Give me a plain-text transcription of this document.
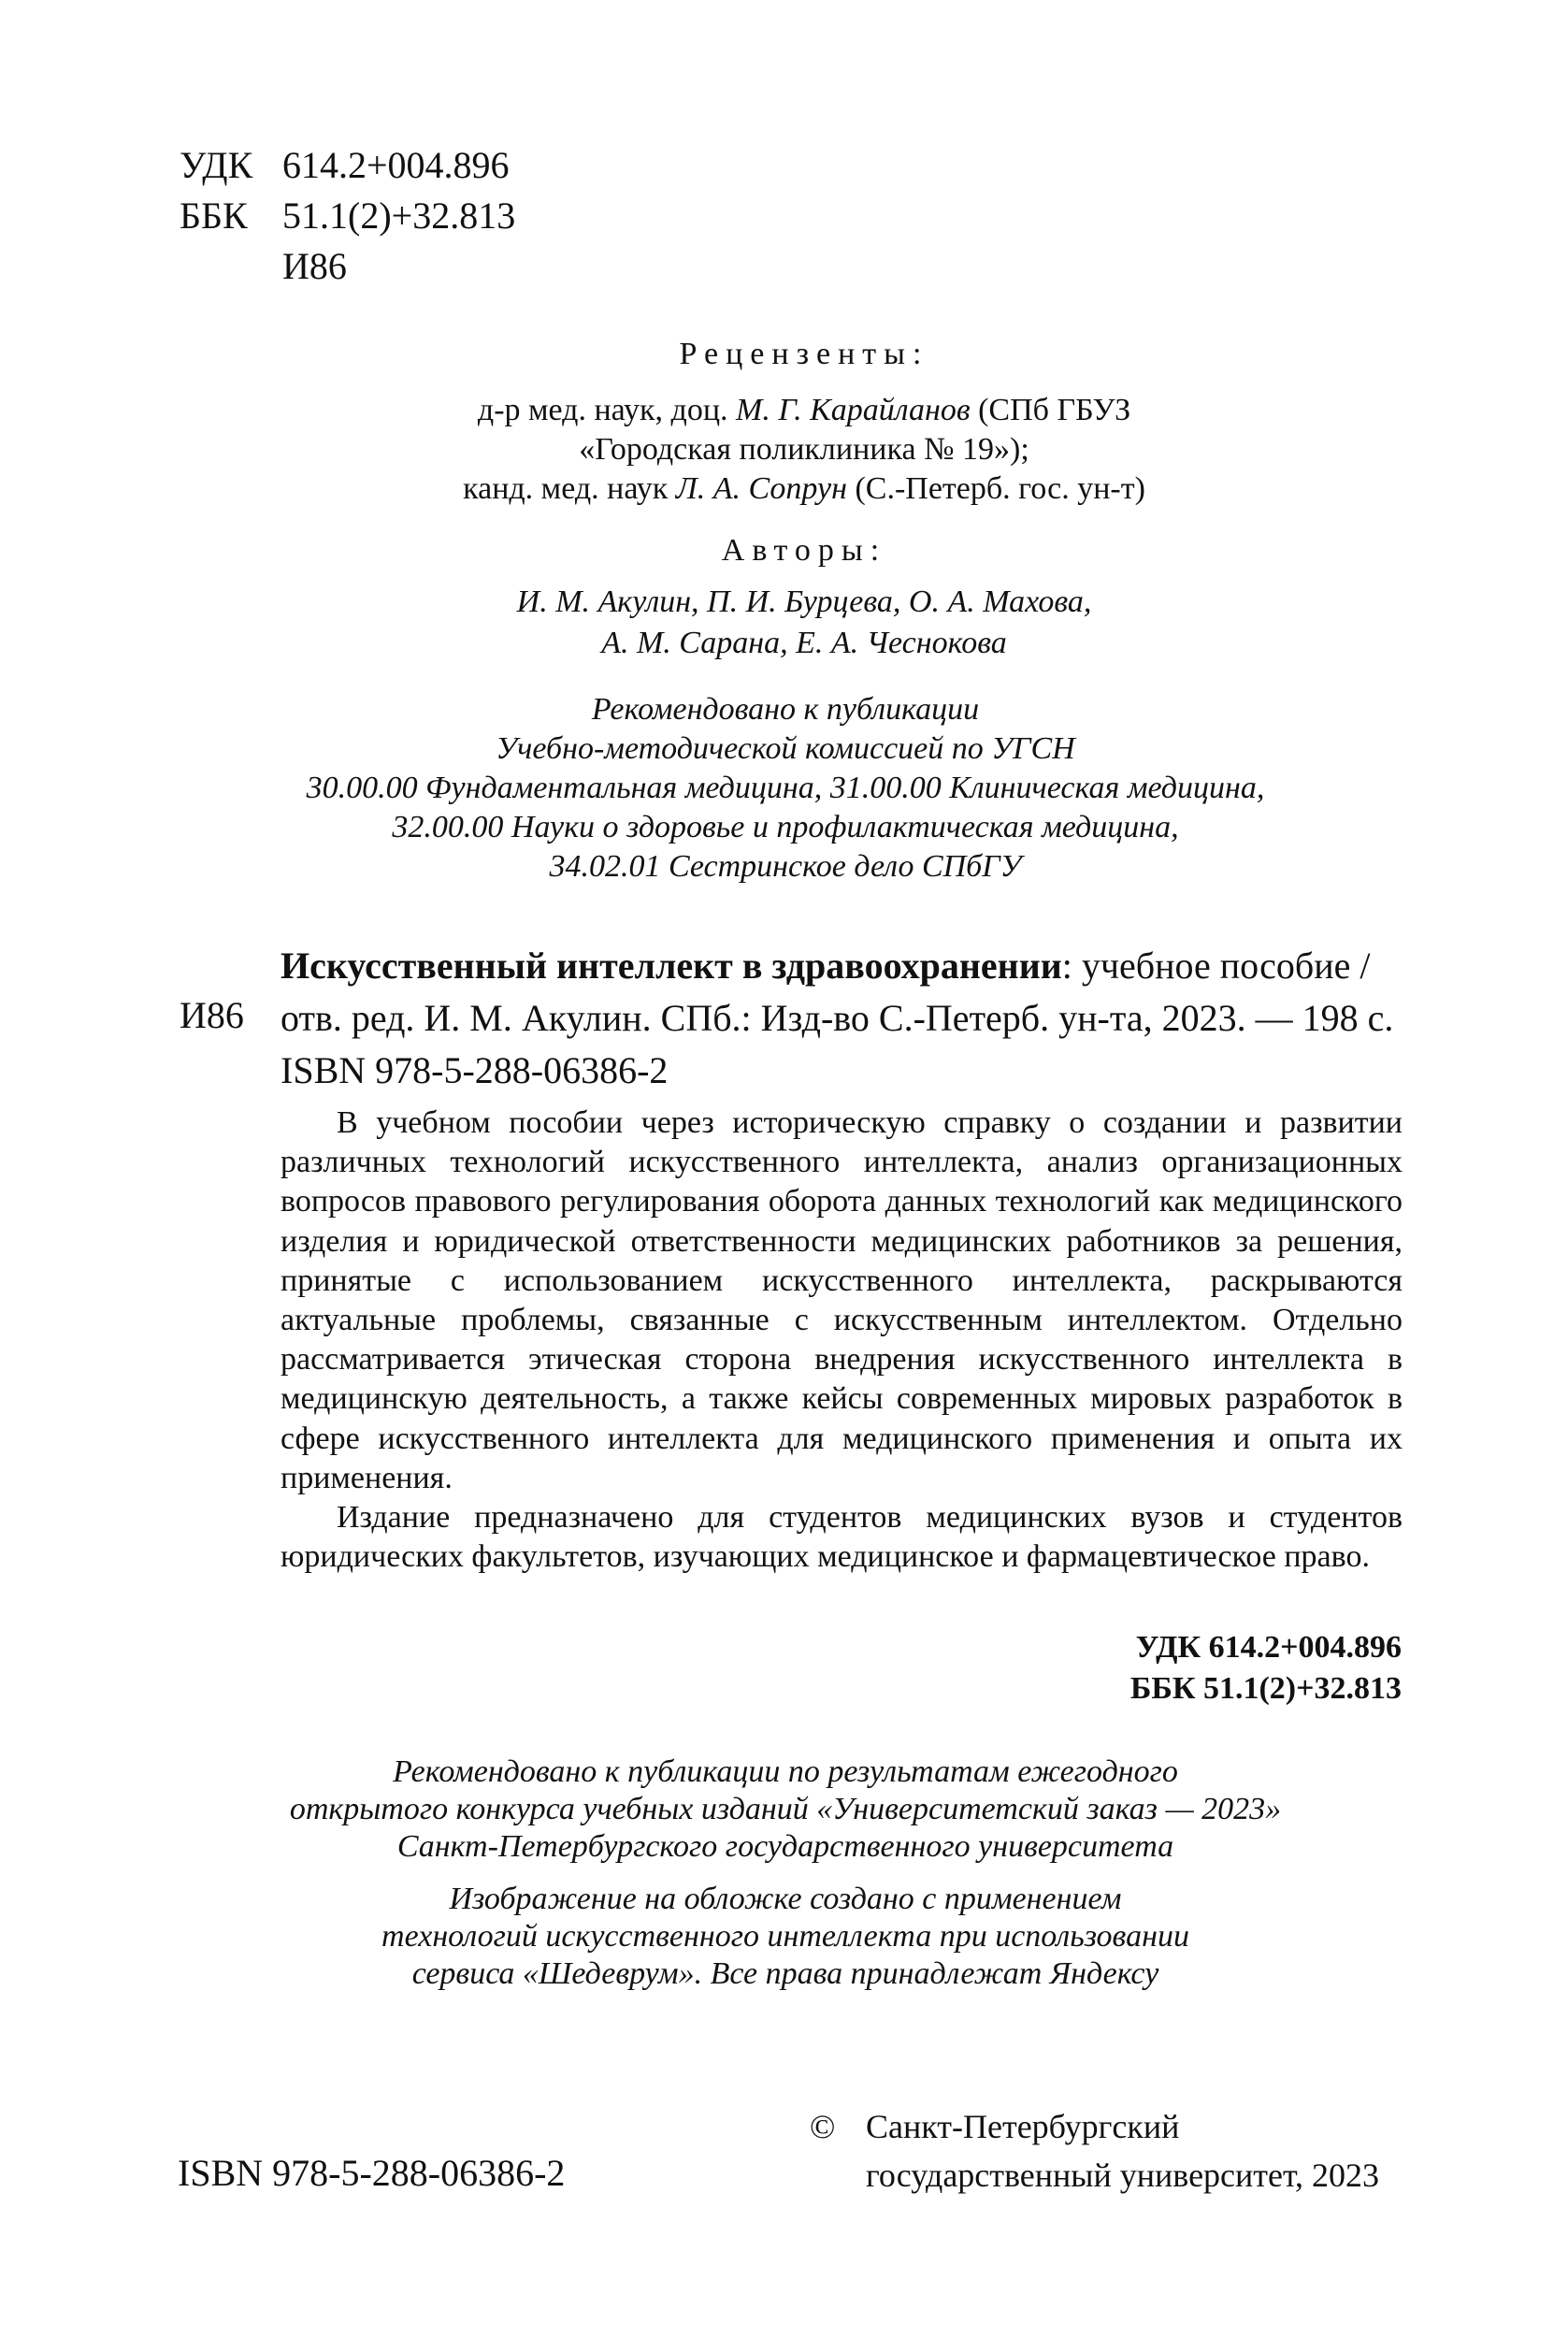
УДК 614.2+004.896
ББК 51.1(2)+32.813
И86
Рецензенты:
д-р мед. наук, доц. М. Г. Карайланов (СПб ГБУЗ
«Городская поликлиника № 19»);
канд. мед. наук Л. А. Сопрун (С.-Петерб. гос. ун-т)
Авторы:
И. М. Акулин, П. И. Бурцева, О. А. Махова,
А. М. Сарана, Е. А. Чеснокова
Рекомендовано к публикации
Учебно-методической комиссией по УГСН
30.00.00 Фундаментальная медицина, 31.00.00 Клиническая медицина,
32.00.00 Науки о здоровье и профилактическая медицина,
34.02.01 Сестринское дело СПбГУ
И86
Искусственный интеллект в здравоохранении: учебное пособие / отв. ред. И. М. Акулин. СПб.: Изд-во С.-Петерб. ун-та, 2023. — 198 с. ISBN 978-5-288-06386-2

В учебном пособии через историческую справку о создании и развитии различных технологий искусственного интеллекта, анализ организационных вопросов правового регулирования оборота данных технологий как медицинского изделия и юридической ответственности медицинских работников за решения, принятые с использованием искусственного интеллекта, раскрываются актуальные проблемы, связанные с искусственным интеллектом. Отдельно рассматривается этическая сторона внедрения искусственного интеллекта в медицинскую деятельность, а также кейсы современных мировых разработок в сфере искусственного интеллекта для медицинского применения и опыта их применения.

Издание предназначено для студентов медицинских вузов и студентов юридических факультетов, изучающих медицинское и фармацевтическое право.

УДК 614.2+004.896
ББК 51.1(2)+32.813

Рекомендовано к публикации по результатам ежегодного
открытого конкурса учебных изданий «Университетский заказ — 2023»
Санкт-Петербургского государственного университета

Изображение на обложке создано с применением
технологий искусственного интеллекта при использовании
сервиса «Шедеврум». Все права принадлежат Яндексу

ISBN 978-5-288-06386-2
© Санкт-Петербургский
государственный университет, 2023
